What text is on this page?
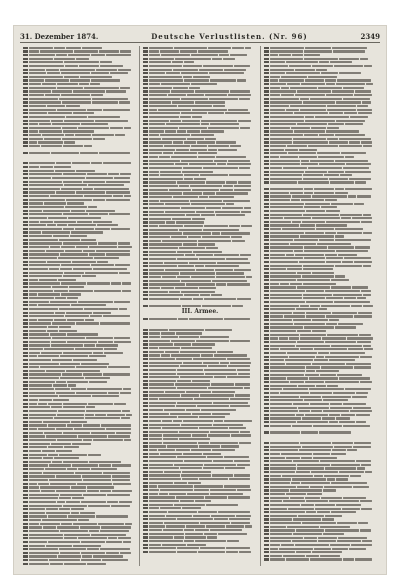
31. Dezember 1874.	Deutsche Verlustlisten. (Nr. 96)	2349

III. Armee.
